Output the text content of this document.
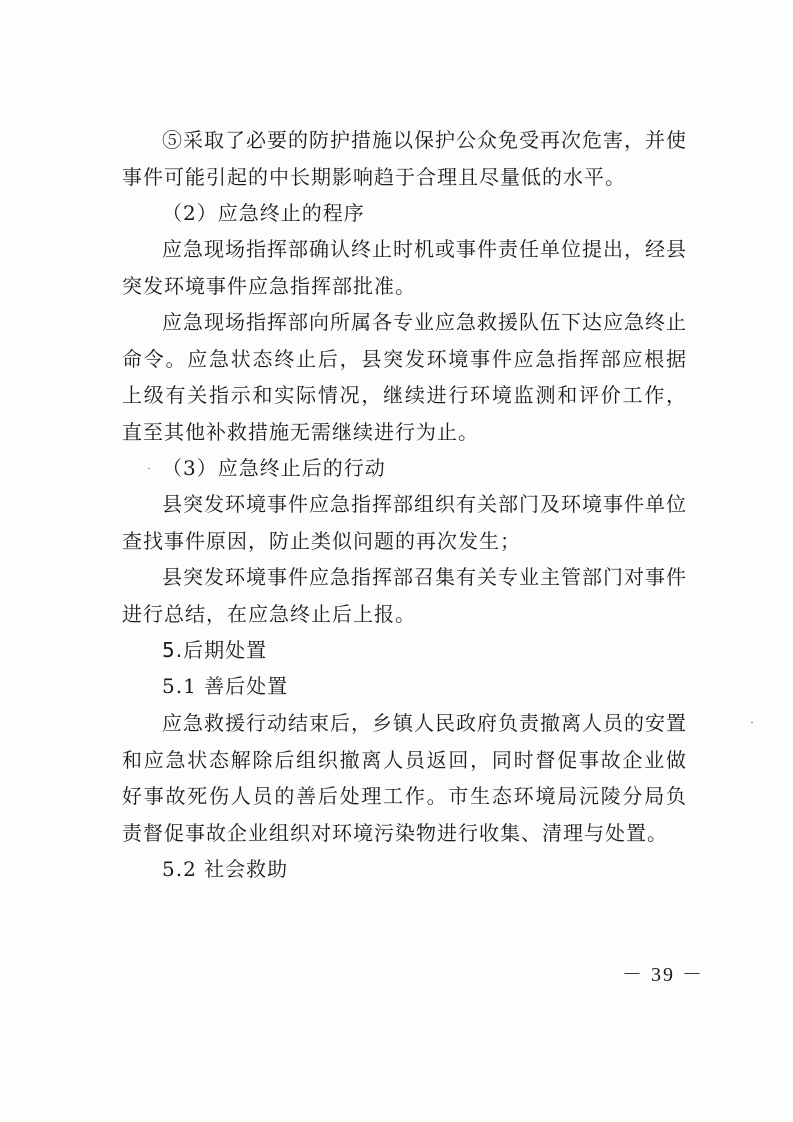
⑤采取了必要的防护措施以保护公众免受再次危害，并使事件可能引起的中长期影响趋于合理且尽量低的水平。

（2）应急终止的程序

应急现场指挥部确认终止时机或事件责任单位提出，经县突发环境事件应急指挥部批准。

应急现场指挥部向所属各专业应急救援队伍下达应急终止命令。应急状态终止后，县突发环境事件应急指挥部应根据上级有关指示和实际情况，继续进行环境监测和评价工作，直至其他补救措施无需继续进行为止。

（3）应急终止后的行动

县突发环境事件应急指挥部组织有关部门及环境事件单位查找事件原因，防止类似问题的再次发生；

县突发环境事件应急指挥部召集有关专业主管部门对事件进行总结，在应急终止后上报。

5.后期处置

5.1 善后处置

应急救援行动结束后，乡镇人民政府负责撤离人员的安置和应急状态解除后组织撤离人员返回，同时督促事故企业做好事故死伤人员的善后处理工作。市生态环境局沅陵分局负责督促事故企业组织对环境污染物进行收集、清理与处置。

5.2 社会救助

－ 39 －
